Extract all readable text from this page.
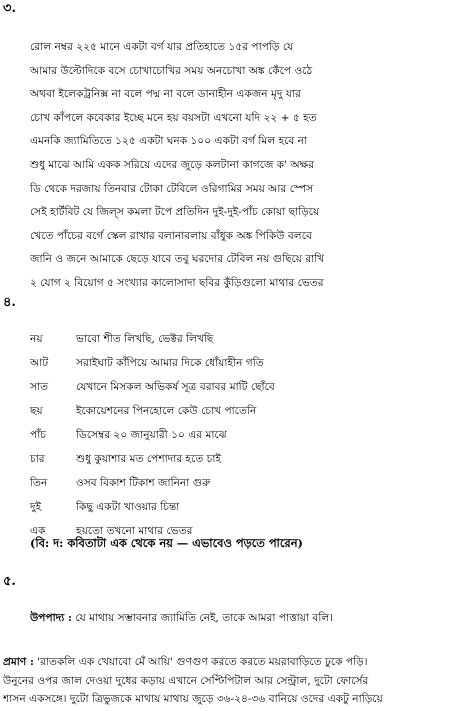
৩.

রোল নম্বর ২২৫ মানে একটা বর্গ যার প্রতিহাতে ১৫র পাপড়ি যে
আমার উল্টোদিকে বসে চোখাচোখির সময় অনচোখা অঙ্ক কেঁপে ওঠে
অথবা ইলেকট্রনিক্স না বলে পদ্ম না বলে ডানাহীন একজন মৃদু যার
চোখ কাঁপলে কবেকার ইচ্ছে মনে হয় বয়সটা এখনো যদি ২২ + ৫ হত
এমনকি জ্যামিতিতে ১২৫ একটা ঘনক ১০০ একটা বর্গ মিল হবে না
শুধু মাঝে আমি একক সরিয়ে এদের জুড়ে কলটানা কাগজে ক' অক্ষর
ডি থেকে দরজায় তিনবার টোকা টেবিলে ওরিগামির সময় আর স্পেস
সেই হার্টবিট যে জিল্স কমলা টপে প্রতিদিন দুই-দুই-পাঁচ কোয়া ছাড়িয়ে
খেতে পাঁচের বর্গে স্কেল রাখার বলানাবলায় বাঁধুক অঙ্ক পিকিউ বলবে
জানি ও জনে আমাকে ছেড়ে যাবে তবু ঘরদোর টেবিল নয় গুছিয়ে রাখি
২ যোগ ২ বিয়োগ ৫ সংখ্যার কালোসাদা ছবির কুঁড়িগুলো মাথার ভেতর

৪.

নয়	ভাবো শীত লিখছি, ভেক্টর লিখছি
আট	সরাইঘাট কাঁপিয়ে আমার দিকে ধোঁয়াহীন গতি
সাত	যেখানে মিসকল অভিকর্ষ সূত্র বরাবর মাটি ছোঁবে
ছয়	ইকোয়েশনের পিনহোলে কেউ চোখ পাতেনি
পাঁচ	ডিসেম্বর ২০ জানুয়ারী ১০ এর মাঝে
চার	শুধু কুয়াশার মত পেশাদার হতে চাই
তিন	ওসব বিকাশ টিকাশ জানিনা গুরু
দুই	কিছু একটা খাওয়ার চিন্তা
এক	হয়তো তখনো মাথার ভেতর

(বি: দ: কবিতাটা এক থেকে নয় — এভাবেও পড়তে পারেন)

৫.

উপপাদ্য : যে মাথায় সম্ভাবনার জ্যামিতি নেই, তাকে আমরা পাত্তায়া বলি।

প্রমাণ : 'রাতকলি এক খেয়াবো মেঁ আয়ি' গুণগুণ করতে করতে ময়রাবাড়িতে ঢুকে পড়ি।
উনুনের ওপর জাল দেওয়া দুধের কড়ায় এখানে সেপ্টিপিটাল আর সেন্ট্রাল, দুটো ফোর্সের
শাসন একসঙ্গে। দুটো ত্রিভুজকে মাথায় মাথায় জুড়ে ৩৬-২৪-৩৬ বানিয়ে ওদের একটু নাড়িয়ে
